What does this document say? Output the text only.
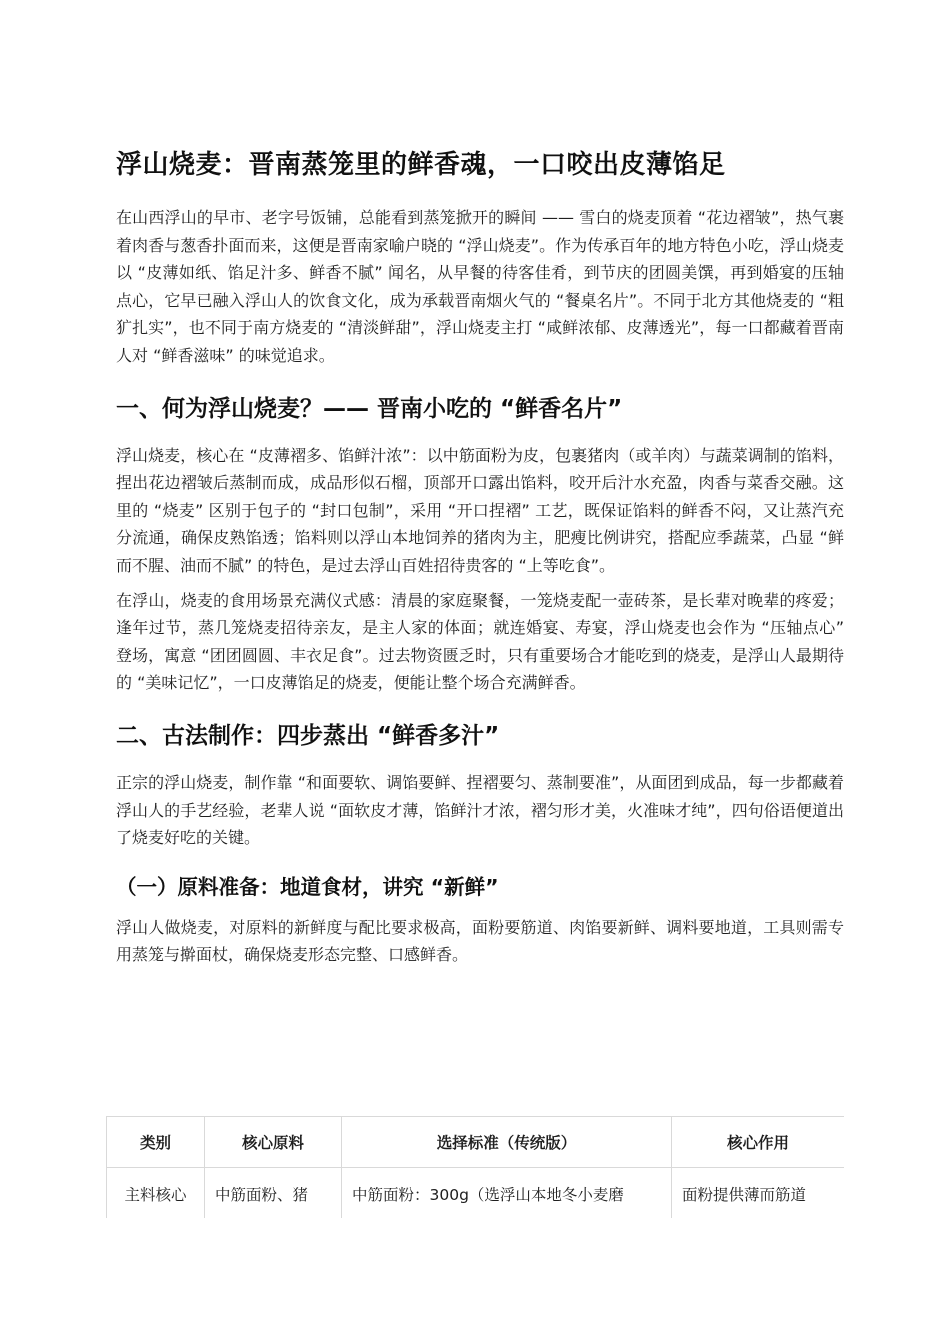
浮山烧麦：晋南蒸笼里的鲜香魂，一口咬出皮薄馅足

在山西浮山的早市、老字号饭铺，总能看到蒸笼掀开的瞬间 —— 雪白的烧麦顶着 “花边褶皱”，热气裹着肉香与葱香扑面而来，这便是晋南家喻户晓的 “浮山烧麦”。作为传承百年的地方特色小吃，浮山烧麦以 “皮薄如纸、馅足汁多、鲜香不腻” 闻名，从早餐的待客佳肴，到节庆的团圆美馔，再到婚宴的压轴点心，它早已融入浮山人的饮食文化，成为承载晋南烟火气的 “餐桌名片”。不同于北方其他烧麦的 “粗犷扎实”，也不同于南方烧麦的 “清淡鲜甜”，浮山烧麦主打 “咸鲜浓郁、皮薄透光”，每一口都藏着晋南人对 “鲜香滋味” 的味觉追求。

一、何为浮山烧麦？—— 晋南小吃的 “鲜香名片”

浮山烧麦，核心在 “皮薄褶多、馅鲜汁浓”：以中筋面粉为皮，包裹猪肉（或羊肉）与蔬菜调制的馅料，捏出花边褶皱后蒸制而成，成品形似石榴，顶部开口露出馅料，咬开后汁水充盈，肉香与菜香交融。这里的 “烧麦” 区别于包子的 “封口包制”，采用 “开口捏褶” 工艺，既保证馅料的鲜香不闷，又让蒸汽充分流通，确保皮熟馅透；馅料则以浮山本地饲养的猪肉为主，肥瘦比例讲究，搭配应季蔬菜，凸显 “鲜而不腥、油而不腻” 的特色，是过去浮山百姓招待贵客的 “上等吃食”。

在浮山，烧麦的食用场景充满仪式感：清晨的家庭聚餐，一笼烧麦配一壶砖茶，是长辈对晚辈的疼爱；逢年过节，蒸几笼烧麦招待亲友，是主人家的体面；就连婚宴、寿宴，浮山烧麦也会作为 “压轴点心” 登场，寓意 “团团圆圆、丰衣足食”。过去物资匮乏时，只有重要场合才能吃到的烧麦，是浮山人最期待的 “美味记忆”，一口皮薄馅足的烧麦，便能让整个场合充满鲜香。

二、古法制作：四步蒸出 “鲜香多汁”

正宗的浮山烧麦，制作靠 “和面要软、调馅要鲜、捏褶要匀、蒸制要准”，从面团到成品，每一步都藏着浮山人的手艺经验，老辈人说 “面软皮才薄，馅鲜汁才浓，褶匀形才美，火准味才纯”，四句俗语便道出了烧麦好吃的关键。

（一）原料准备：地道食材，讲究 “新鲜”

浮山人做烧麦，对原料的新鲜度与配比要求极高，面粉要筋道、肉馅要新鲜、调料要地道，工具则需专用蒸笼与擀面杖，确保烧麦形态完整、口感鲜香。

类别	核心原料	选择标准（传统版）	核心作用
主料核心	中筋面粉、猪	中筋面粉：300g（选浮山本地冬小麦磨	面粉提供薄而筋道
